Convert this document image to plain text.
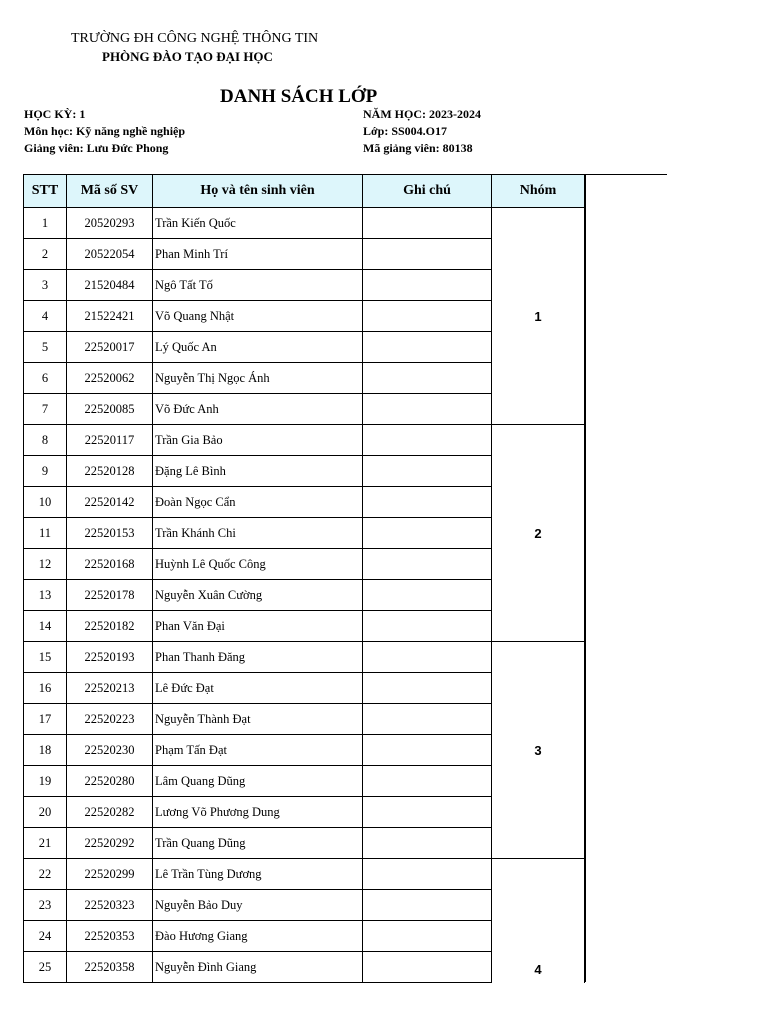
TRƯỜNG ĐH CÔNG NGHỆ THÔNG TIN
PHÒNG ĐÀO TẠO ĐẠI HỌC
DANH SÁCH LỚP
HỌC KỲ: 1	NĂM HỌC: 2023-2024
Môn học: Kỹ năng nghề nghiệp	Lớp: SS004.O17
Giảng viên: Lưu Đức Phong	Mã giảng viên: 80138
STT	Mã số SV	Họ và tên sinh viên	Ghi chú	Nhóm
1	20520293	Trần Kiến Quốc		1
2	20522054	Phan Minh Trí		
3	21520484	Ngô Tất Tố		
4	21522421	Võ Quang Nhật		
5	22520017	Lý Quốc An		
6	22520062	Nguyễn Thị Ngọc Ánh		
7	22520085	Võ Đức Anh		
8	22520117	Trần Gia Bảo		2
9	22520128	Đặng Lê Bình		
10	22520142	Đoàn Ngọc Cẩn		
11	22520153	Trần Khánh Chi		
12	22520168	Huỳnh Lê Quốc Công		
13	22520178	Nguyễn Xuân Cường		
14	22520182	Phan Văn Đại		
15	22520193	Phan Thanh Đăng		3
16	22520213	Lê Đức Đạt		
17	22520223	Nguyễn Thành Đạt		
18	22520230	Phạm Tấn Đạt		
19	22520280	Lâm Quang Dũng		
20	22520282	Lương Võ Phương Dung		
21	22520292	Trần Quang Dũng		
22	22520299	Lê Trần Tùng Dương		4
23	22520323	Nguyễn Bảo Duy		
24	22520353	Đào Hương Giang		
25	22520358	Nguyễn Đình Giang		
